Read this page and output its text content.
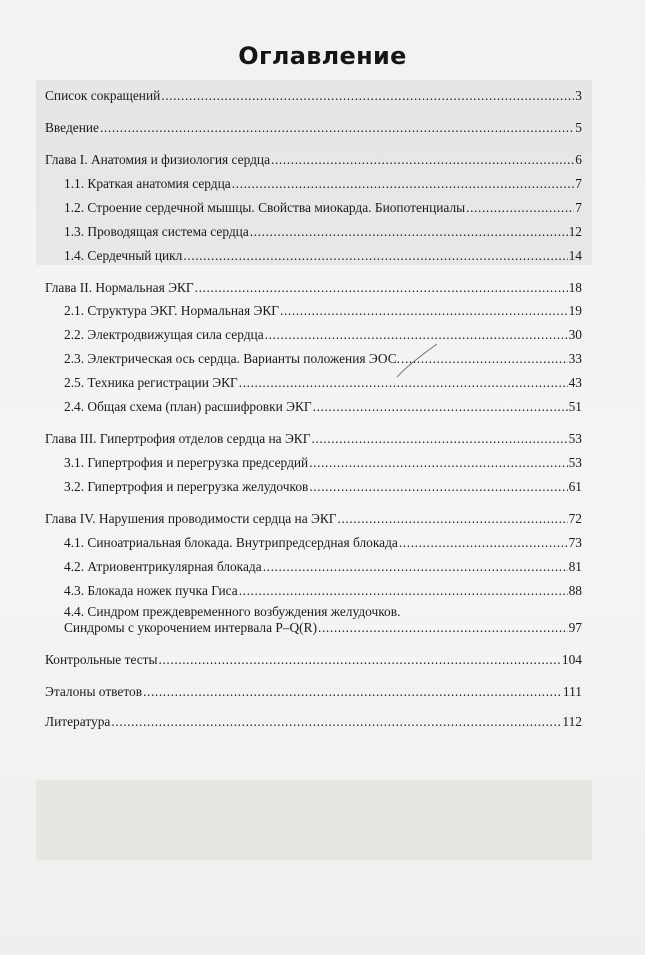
Оглавление
Список сокращений .....	3
Введение .....	5
Глава I. Анатомия и физиология сердца .....	6
1.1. Краткая анатомия сердца .....	7
1.2. Строение сердечной мышцы. Свойства миокарда. Биопотенциалы .....	7
1.3. Проводящая система сердца .....	12
1.4. Сердечный цикл .....	14
Глава II. Нормальная ЭКГ .....	18
2.1. Структура ЭКГ. Нормальная ЭКГ .....	19
2.2. Электродвижущая сила сердца .....	30
2.3. Электрическая ось сердца. Варианты положения ЭОС. .....	33
2.5. Техника регистрации ЭКГ .....	43
2.4. Общая схема (план) расшифровки ЭКГ .....	51
Глава III. Гипертрофия отделов сердца на ЭКГ .....	53
3.1. Гипертрофия и перегрузка предсердий .....	53
3.2. Гипертрофия и перегрузка желудочков .....	61
Глава IV. Нарушения проводимости сердца на ЭКГ .....	72
4.1. Синоатриальная блокада. Внутрипредсердная блокада .....	73
4.2. Атриовентрикулярная блокада .....	81
4.3. Блокада ножек пучка Гиса .....	88
4.4. Синдром преждевременного возбуждения желудочков.
Синдромы с укорочением интервала P–Q(R) .....	97
Контрольные тесты .....	104
Эталоны ответов .....	111
Литература .....	112
